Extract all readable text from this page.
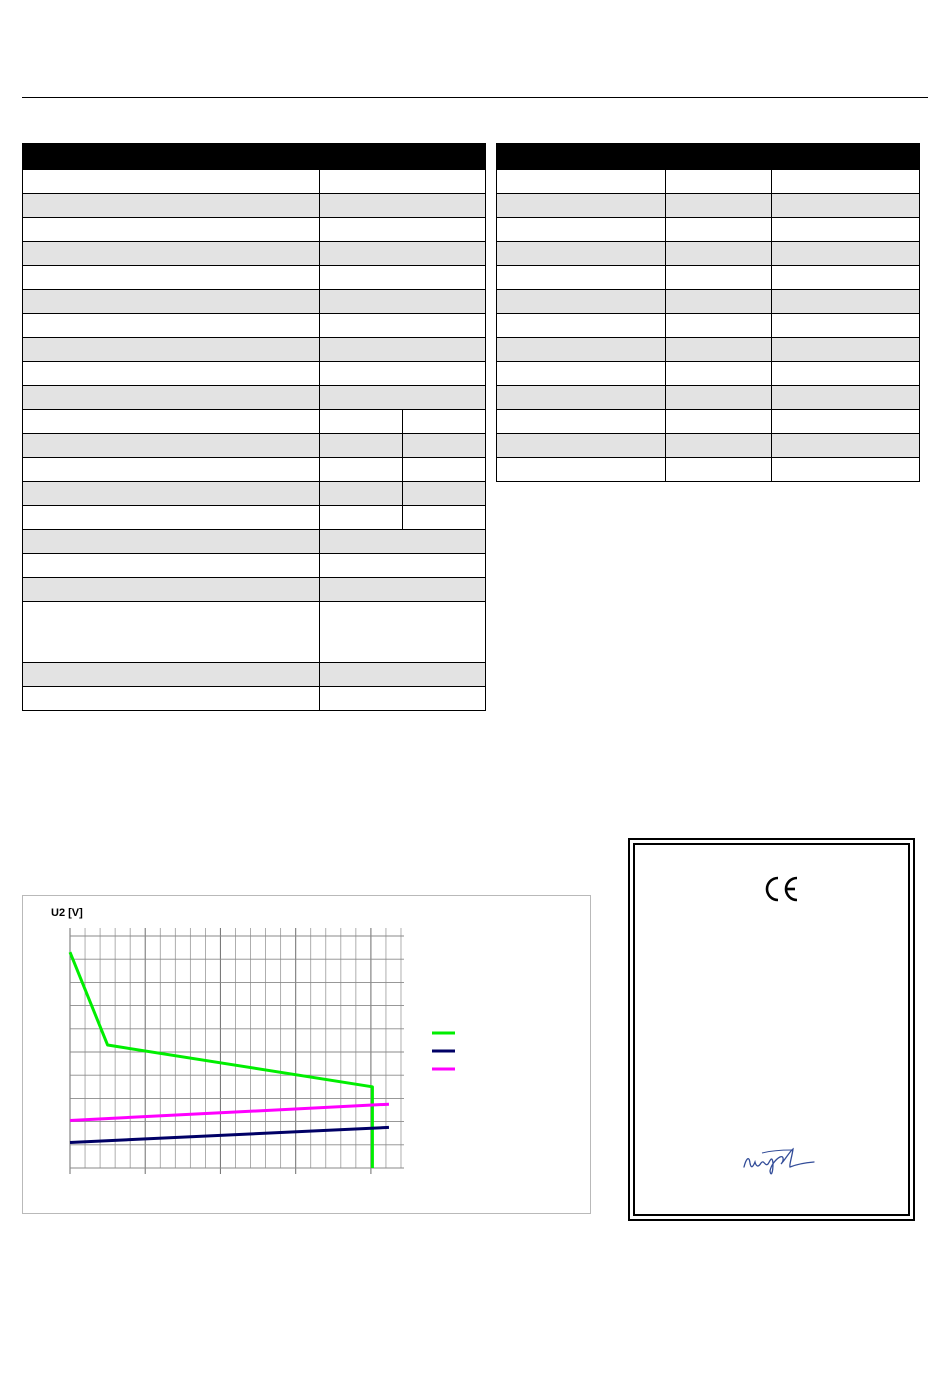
U2 [V]
